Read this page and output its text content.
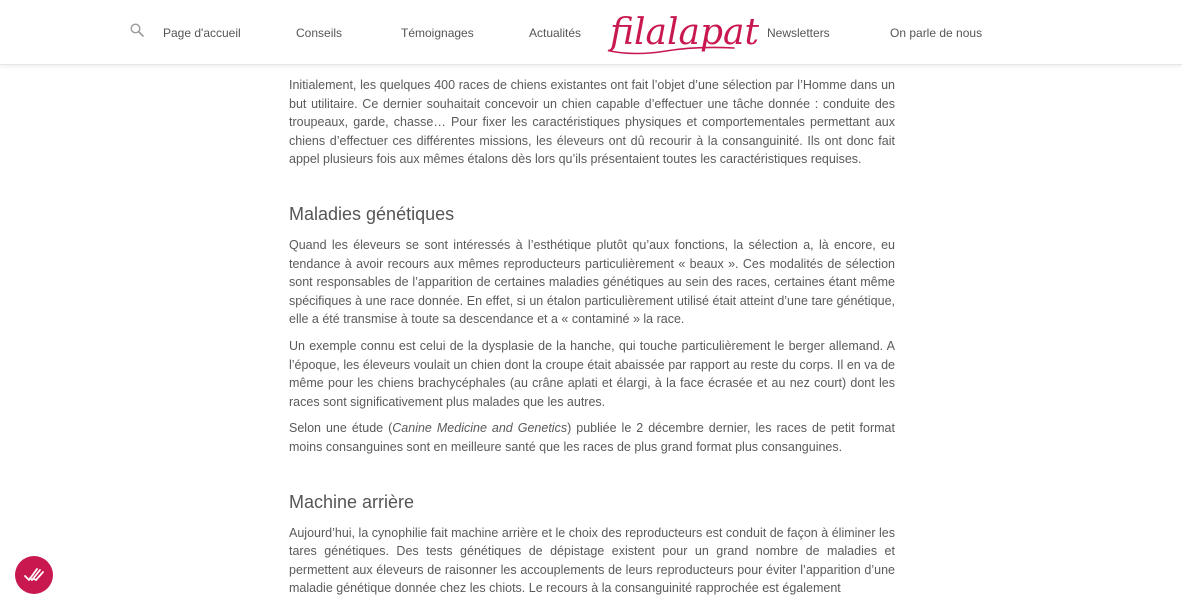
Page d'accueil	Conseils	Témoignages	Actualités filalapat Newsletters	On parle de nous

Initialement, les quelques 400 races de chiens existantes ont fait l’objet d’une sélection par l’Homme dans un but utilitaire. Ce dernier souhaitait concevoir un chien capable d’effectuer une tâche donnée : conduite des troupeaux, garde, chasse… Pour fixer les caractéristiques physiques et comportementales permettant aux chiens d’effectuer ces différentes missions, les éleveurs ont dû recourir à la consanguinité. Ils ont donc fait appel plusieurs fois aux mêmes étalons dès lors qu’ils présentaient toutes les caractéristiques requises.

Maladies génétiques

Quand les éleveurs se sont intéressés à l’esthétique plutôt qu’aux fonctions, la sélection a, là encore, eu tendance à avoir recours aux mêmes reproducteurs particulièrement « beaux ». Ces modalités de sélection sont responsables de l’apparition de certaines maladies génétiques au sein des races, certaines étant même spécifiques à une race donnée. En effet, si un étalon particulièrement utilisé était atteint d’une tare génétique, elle a été transmise à toute sa descendance et a « contaminé » la race.

Un exemple connu est celui de la dysplasie de la hanche, qui touche particulièrement le berger allemand. A l’époque, les éleveurs voulait un chien dont la croupe était abaissée par rapport au reste du corps. Il en va de même pour les chiens brachycéphales (au crâne aplati et élargi, à la face écrasée et au nez court) dont les races sont significativement plus malades que les autres.

Selon une étude (Canine Medicine and Genetics) publiée le 2 décembre dernier, les races de petit format moins consanguines sont en meilleure santé que les races de plus grand format plus consanguines.

Machine arrière

Aujourd’hui, la cynophilie fait machine arrière et le choix des reproducteurs est conduit de façon à éliminer les tares génétiques. Des tests génétiques de dépistage existent pour un grand nombre de maladies et permettent aux éleveurs de raisonner les accouplements de leurs reproducteurs pour éviter l’apparition d’une maladie génétique donnée chez les chiots. Le recours à la consanguinité rapprochée est également
